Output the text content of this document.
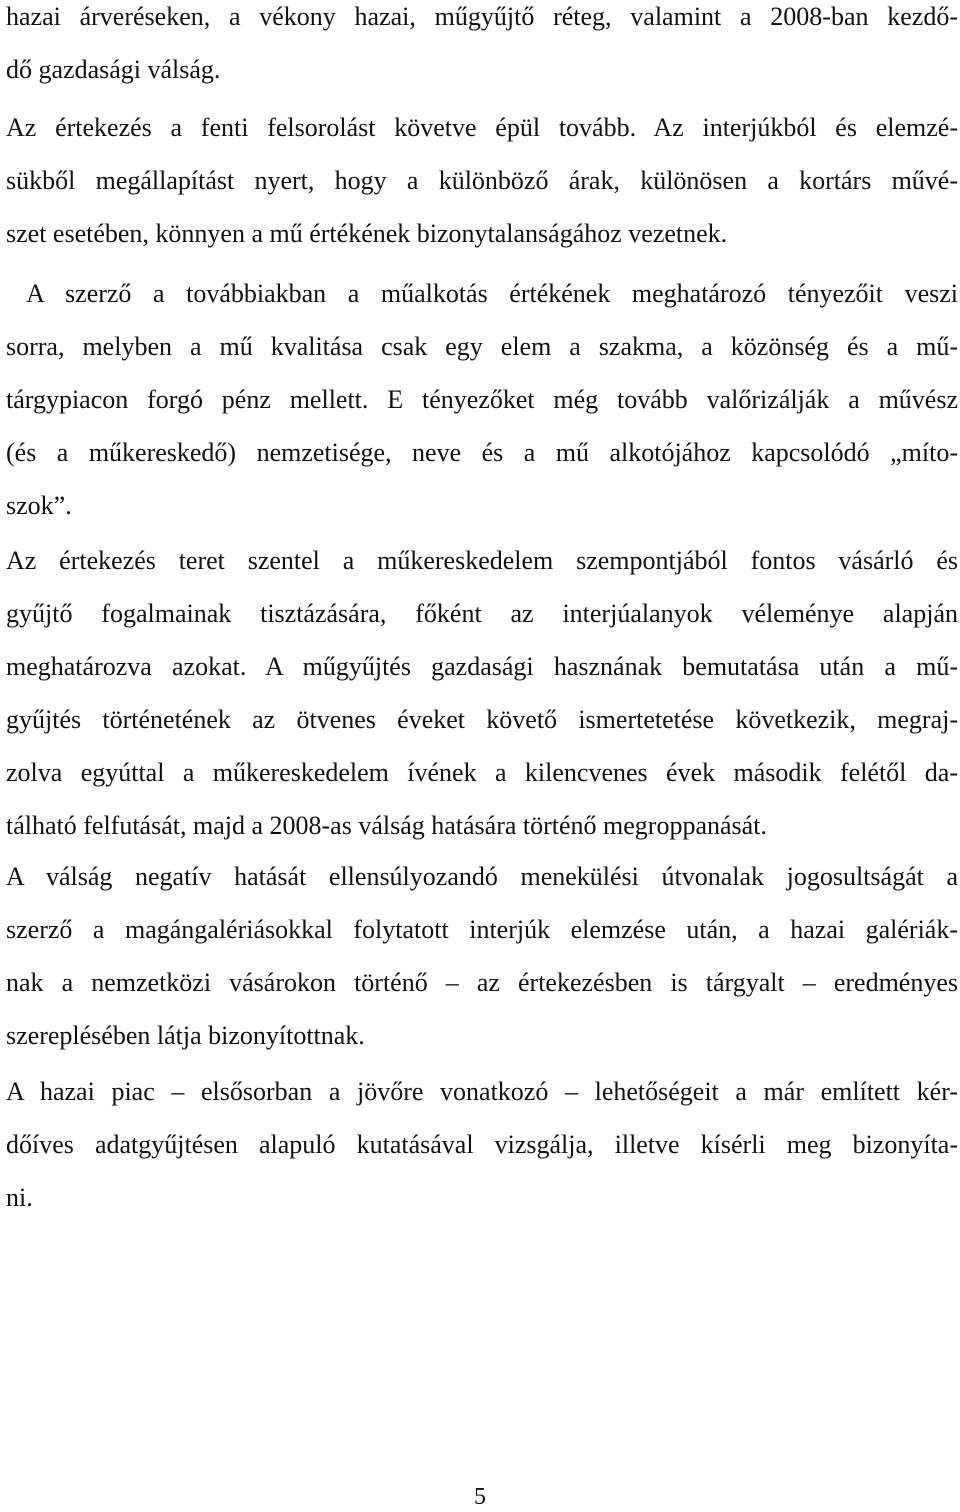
hazai árveréseken, a vékony hazai, műgyűjtő réteg, valamint a 2008-ban kezdő-
dő gazdasági válság.
Az értekezés a fenti felsorolást követve épül tovább. Az interjúkból és elemzé-
sükből megállapítást nyert, hogy a különböző árak, különösen a kortárs művé-
szet esetében, könnyen a mű értékének bizonytalanságához vezetnek.
A szerző a továbbiakban a műalkotás értékének meghatározó tényezőit veszi
sorra, melyben a mű kvalitása csak egy elem a szakma, a közönség és a mű-
tárgypiacon forgó pénz mellett. E tényezőket még tovább valőrizálják a művész
(és a műkereskedő) nemzetisége, neve és a mű alkotójához kapcsolódó „míto-
szok”.
Az értekezés teret szentel a műkereskedelem szempontjából fontos vásárló és
gyűjtő fogalmainak tisztázására, főként az interjúalanyok véleménye alapján
meghatározva azokat. A műgyűjtés gazdasági hasznának bemutatása után a mű-
gyűjtés történetének az ötvenes éveket követő ismertetetése következik, megraj-
zolva egyúttal a műkereskedelem ívének a kilencvenes évek második felétől da-
tálható felfutását, majd a 2008-as válság hatására történő megroppanását.
A válság negatív hatását ellensúlyozandó menekülési útvonalak jogosultságát a
szerző a magángalériásokkal folytatott interjúk elemzése után, a hazai galériák-
nak a nemzetközi vásárokon történő – az értekezésben is tárgyalt – eredményes
szereplésében látja bizonyítottnak.
A hazai piac – elsősorban a jövőre vonatkozó – lehetőségeit a már említett kér-
dőíves adatgyűjtésen alapuló kutatásával vizsgálja, illetve kísérli meg bizonyíta-
ni.
5
